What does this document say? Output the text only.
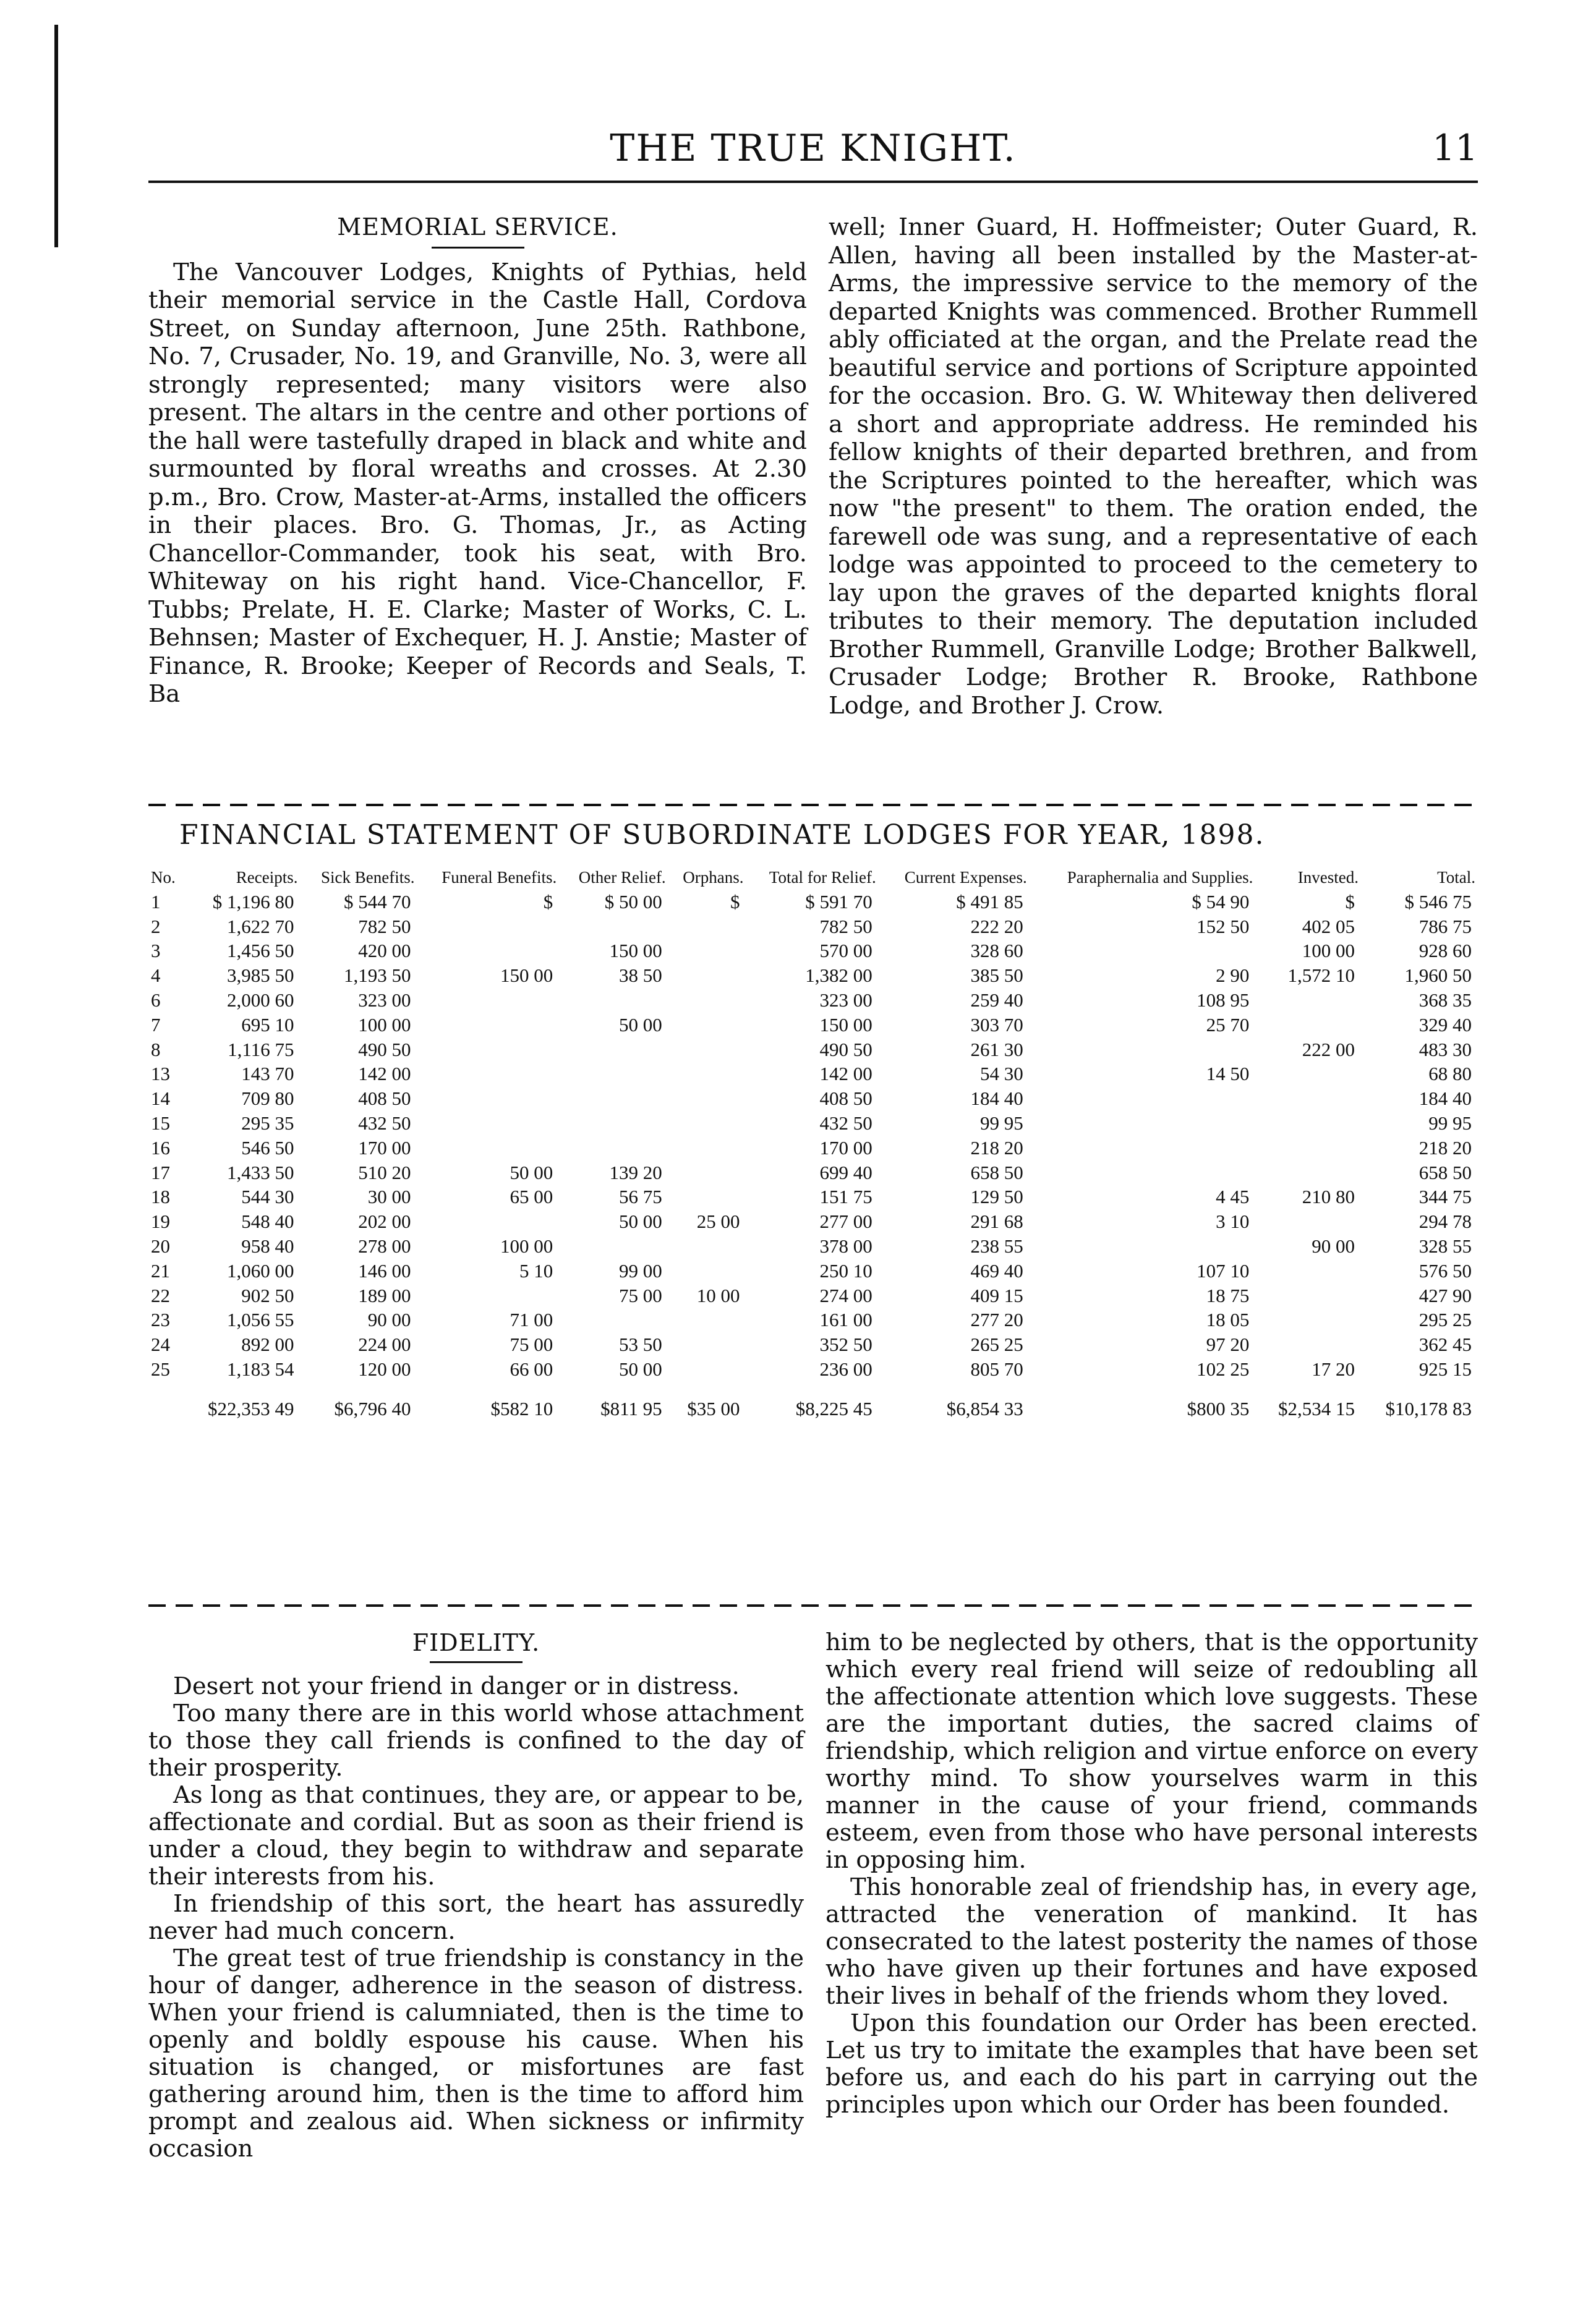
THE TRUE KNIGHT.	11

MEMORIAL SERVICE.

The Vancouver Lodges, Knights of Pythias, held their memorial service in the Castle Hall, Cordova Street, on Sunday afternoon, June 25th. Rathbone, No. 7, Crusader, No. 19, and Granville, No. 3, were all strongly represented; many visitors were also present. The altars in the centre and other portions of the hall were tastefully draped in black and white and surmounted by floral wreaths and crosses. At 2.30 p.m., Bro. Crow, Master-at-Arms, installed the officers in their places. Bro. G. Thomas, Jr., as Acting Chancellor-Commander, took his seat, with Bro. Whiteway on his right hand. Vice-Chancellor, F. Tubbs; Prelate, H. E. Clarke; Master of Works, C. L. Behnsen; Master of Exchequer, H. J. Anstie; Master of Finance, R. Brooke; Keeper of Records and Seals, T. Ba

well; Inner Guard, H. Hoffmeister; Outer Guard, R. Allen, having all been installed by the Master-at-Arms, the impressive service to the memory of the departed Knights was commenced. Brother Rummell ably officiated at the organ, and the Prelate read the beautiful service and portions of Scripture appointed for the occasion. Bro. G. W. Whiteway then delivered a short and appropriate address. He reminded his fellow knights of their departed brethren, and from the Scriptures pointed to the hereafter, which was now "the present" to them. The oration ended, the farewell ode was sung, and a representative of each lodge was appointed to proceed to the cemetery to lay upon the graves of the departed knights floral tributes to their memory. The deputation included Brother Rummell, Granville Lodge; Brother Balkwell, Crusader Lodge; Brother R. Brooke, Rathbone Lodge, and Brother J. Crow.

FINANCIAL STATEMENT OF SUBORDINATE LODGES FOR YEAR, 1898.
No.	Receipts.	Sick Benefits.	Funeral Benefits.	Other Relief.	Orphans.	Total for Relief.	Current Expenses.	Paraphernalia and Supplies.	Invested.	Total.
1	$ 1,196 80	$ 544 70	$	$ 50 00	$	$ 591 70	$ 491 85	$ 54 90	$	$ 546 75
2	1,622 70	782 50				782 50	222 20	152 50	402 05	786 75
3	1,456 50	420 00		150 00		570 00	328 60		100 00	928 60
4	3,985 50	1,193 50	150 00	38 50		1,382 00	385 50	2 90	1,572 10	1,960 50
6	2,000 60	323 00				323 00	259 40	108 95		368 35
7	695 10	100 00		50 00		150 00	303 70	25 70		329 40
8	1,116 75	490 50				490 50	261 30		222 00	483 30
13	143 70	142 00				142 00	54 30	14 50		68 80
14	709 80	408 50				408 50	184 40			184 40
15	295 35	432 50				432 50	99 95			99 95
16	546 50	170 00				170 00	218 20			218 20
17	1,433 50	510 20	50 00	139 20		699 40	658 50			658 50
18	544 30	30 00	65 00	56 75		151 75	129 50	4 45	210 80	344 75
19	548 40	202 00		50 00	25 00	277 00	291 68	3 10		294 78
20	958 40	278 00	100 00			378 00	238 55		90 00	328 55
21	1,060 00	146 00	5 10	99 00		250 10	469 40	107 10		576 50
22	902 50	189 00		75 00	10 00	274 00	409 15	18 75		427 90
23	1,056 55	90 00	71 00			161 00	277 20	18 05		295 25
24	892 00	224 00	75 00	53 50		352 50	265 25	97 20		362 45
25	1,183 54	120 00	66 00	50 00		236 00	805 70	102 25	17 20	925 15
	$22,353 49	$6,796 40	$582 10	$811 95	$35 00	$8,225 45	$6,854 33	$800 35	$2,534 15	$10,178 83

FIDELITY.

Desert not your friend in danger or in distress.

Too many there are in this world whose attachment to those they call friends is confined to the day of their prosperity.

As long as that continues, they are, or appear to be, affectionate and cordial. But as soon as their friend is under a cloud, they begin to withdraw and separate their interests from his.

In friendship of this sort, the heart has assuredly never had much concern.

The great test of true friendship is constancy in the hour of danger, adherence in the season of distress. When your friend is calumniated, then is the time to openly and boldly espouse his cause. When his situation is changed, or misfortunes are fast gathering around him, then is the time to afford him prompt and zealous aid. When sickness or infirmity occasion

him to be neglected by others, that is the opportunity which every real friend will seize of redoubling all the affectionate attention which love suggests. These are the important duties, the sacred claims of friendship, which religion and virtue enforce on every worthy mind. To show yourselves warm in this manner in the cause of your friend, commands esteem, even from those who have personal interests in opposing him.

This honorable zeal of friendship has, in every age, attracted the veneration of mankind. It has consecrated to the latest posterity the names of those who have given up their fortunes and have exposed their lives in behalf of the friends whom they loved.

Upon this foundation our Order has been erected. Let us try to imitate the examples that have been set before us, and each do his part in carrying out the principles upon which our Order has been founded.
